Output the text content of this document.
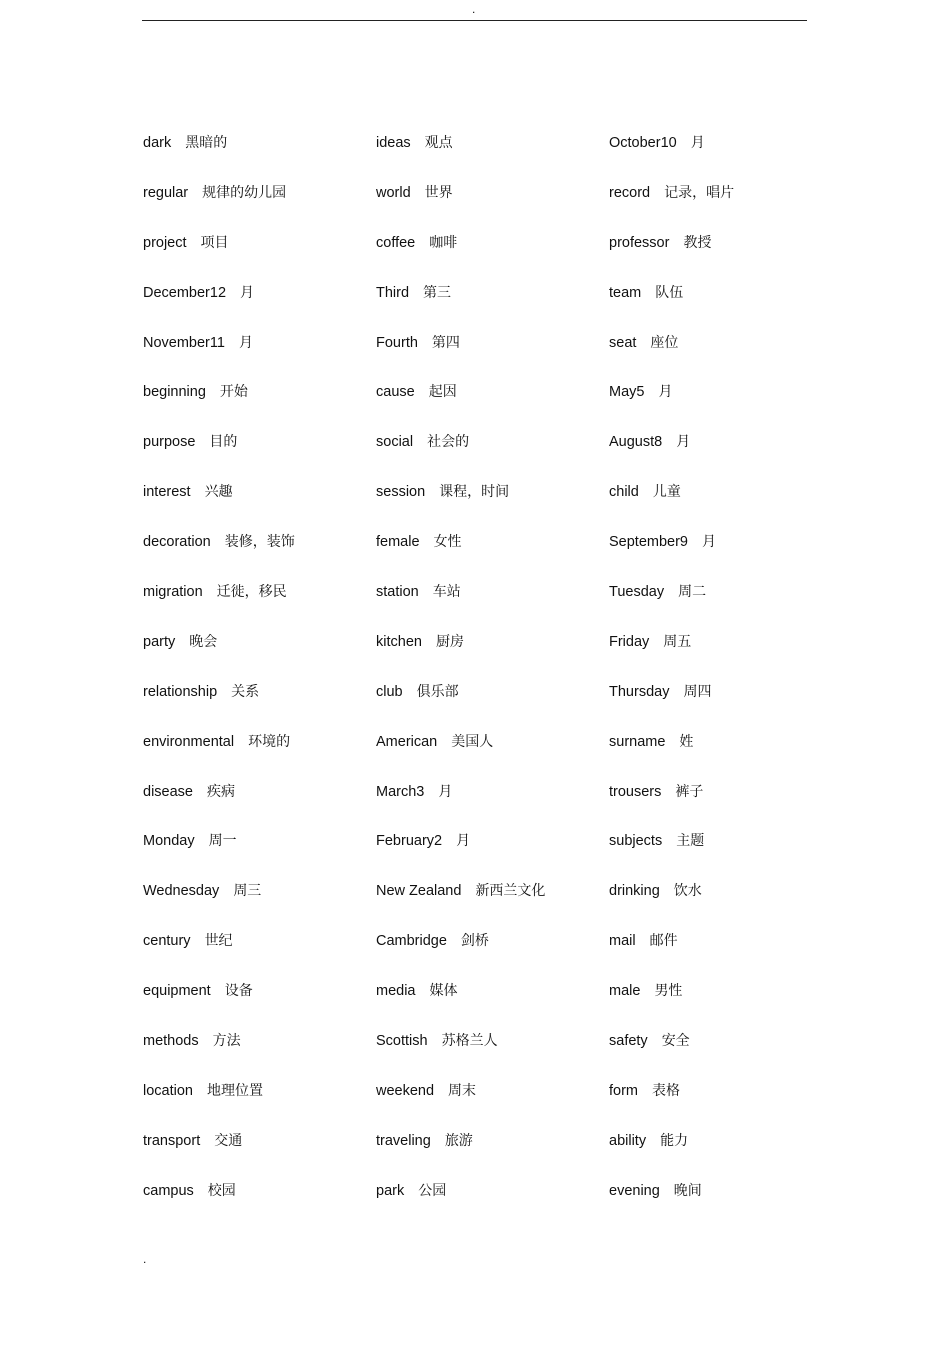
.
dark 黑暗的	ideas 观点	October10 月
regular 规律的幼儿园	world 世界	record 记录，唱片
project 项目	coffee 咖啡	professor 教授
December12 月	Third 第三	team 队伍
November11 月	Fourth 第四	seat 座位
beginning 开始	cause 起因	May5 月
purpose 目的	social 社会的	August8 月
interest 兴趣	session 课程，时间	child 儿童
decoration 装修，装饰	female 女性	September9 月
migration 迁徙，移民	station 车站	Tuesday 周二
party 晚会	kitchen 厨房	Friday 周五
relationship 关系	club 俱乐部	Thursday 周四
environmental 环境的	American 美国人	surname 姓
disease 疾病	March3 月	trousers 裤子
Monday 周一	February2 月	subjects 主题
Wednesday 周三	New Zealand 新西兰文化	drinking 饮水
century 世纪	Cambridge 剑桥	mail 邮件
equipment 设备	media 媒体	male 男性
methods 方法	Scottish 苏格兰人	safety 安全
location 地理位置	weekend 周末	form 表格
transport 交通	traveling 旅游	ability 能力
campus 校园	park 公园	evening 晚间
.
